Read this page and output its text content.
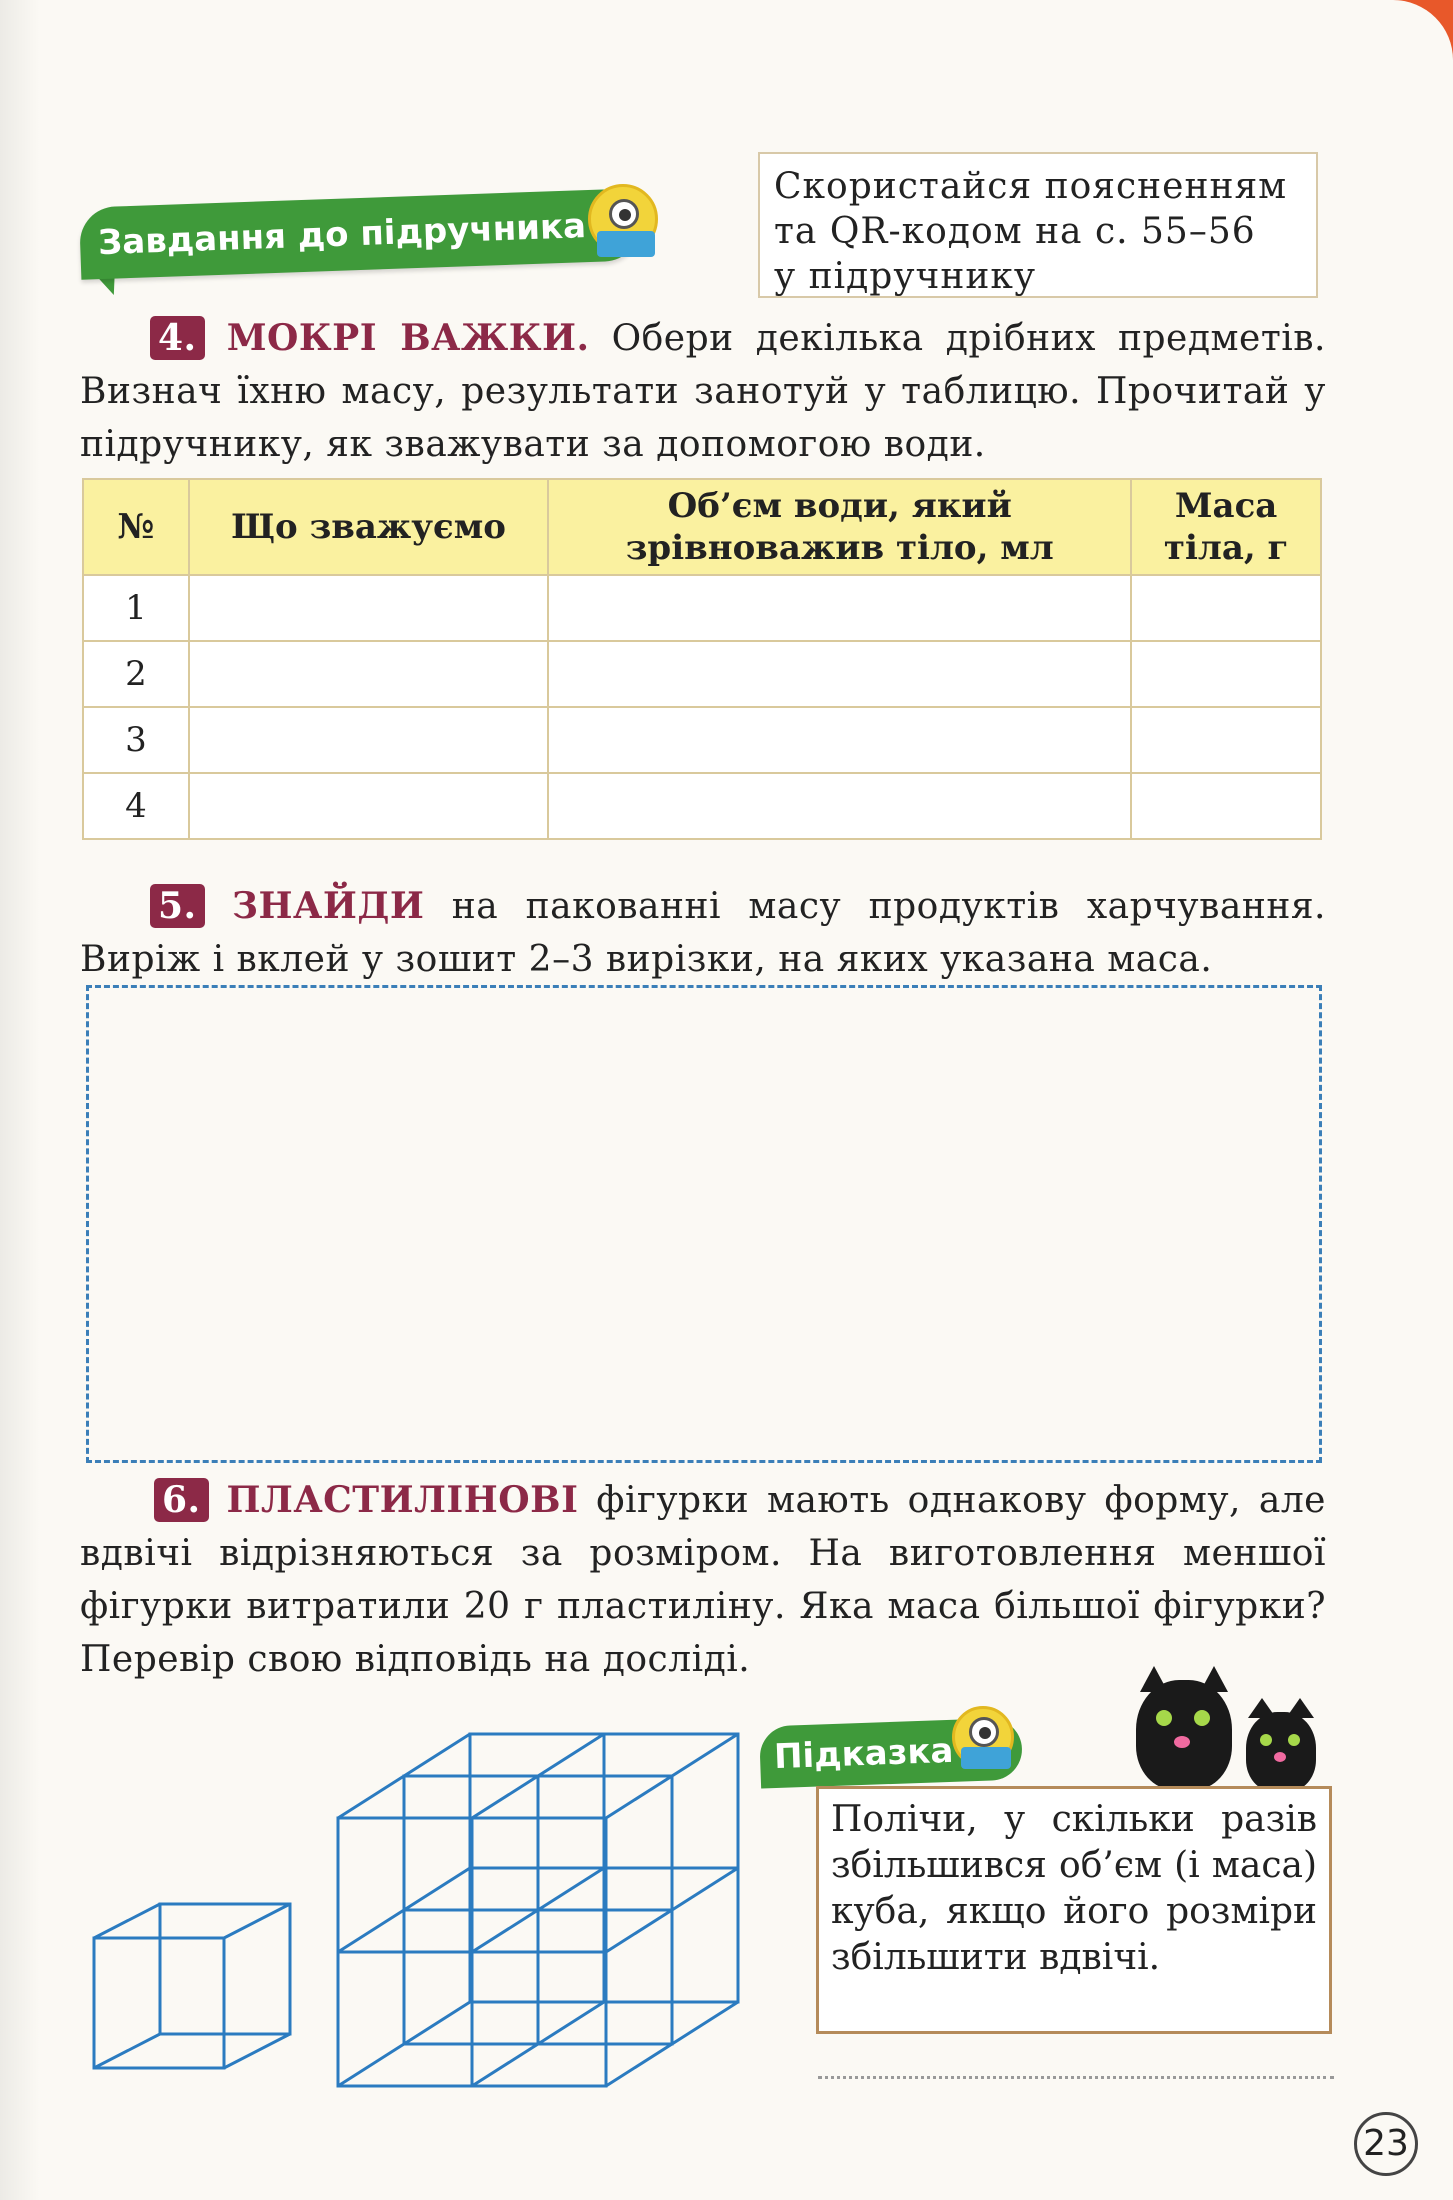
Завдання до підручника
Скористайся поясненням
та QR-кодом на с. 55–56
у підручнику
4. МОКРІ ВАЖКИ. Обери декілька дрібних предметів. Визнач їхню масу, результати занотуй у таблицю. Прочитай у підручнику, як зважувати за допомогою води.
№	Що зважуємо	Об’єм води, який зрівноважив тіло, мл	Маса тіла, г
1			
2			
3			
4			
5. ЗНАЙДИ на пакованні масу продуктів харчування. Виріж і вклей у зошит 2–3 вирізки, на яких указана маса.
6. ПЛАСТИЛІНОВІ фігурки мають однакову форму, але вдвічі відрізняються за розміром. На виготовлення меншої фігурки витратили 20 г пластиліну. Яка маса більшої фігурки? Перевір свою відповідь на досліді.
Підказка
Полічи, у скільки разів збільшився об’єм (і маса) куба, якщо його розміри збільшити вдвічі.
23
